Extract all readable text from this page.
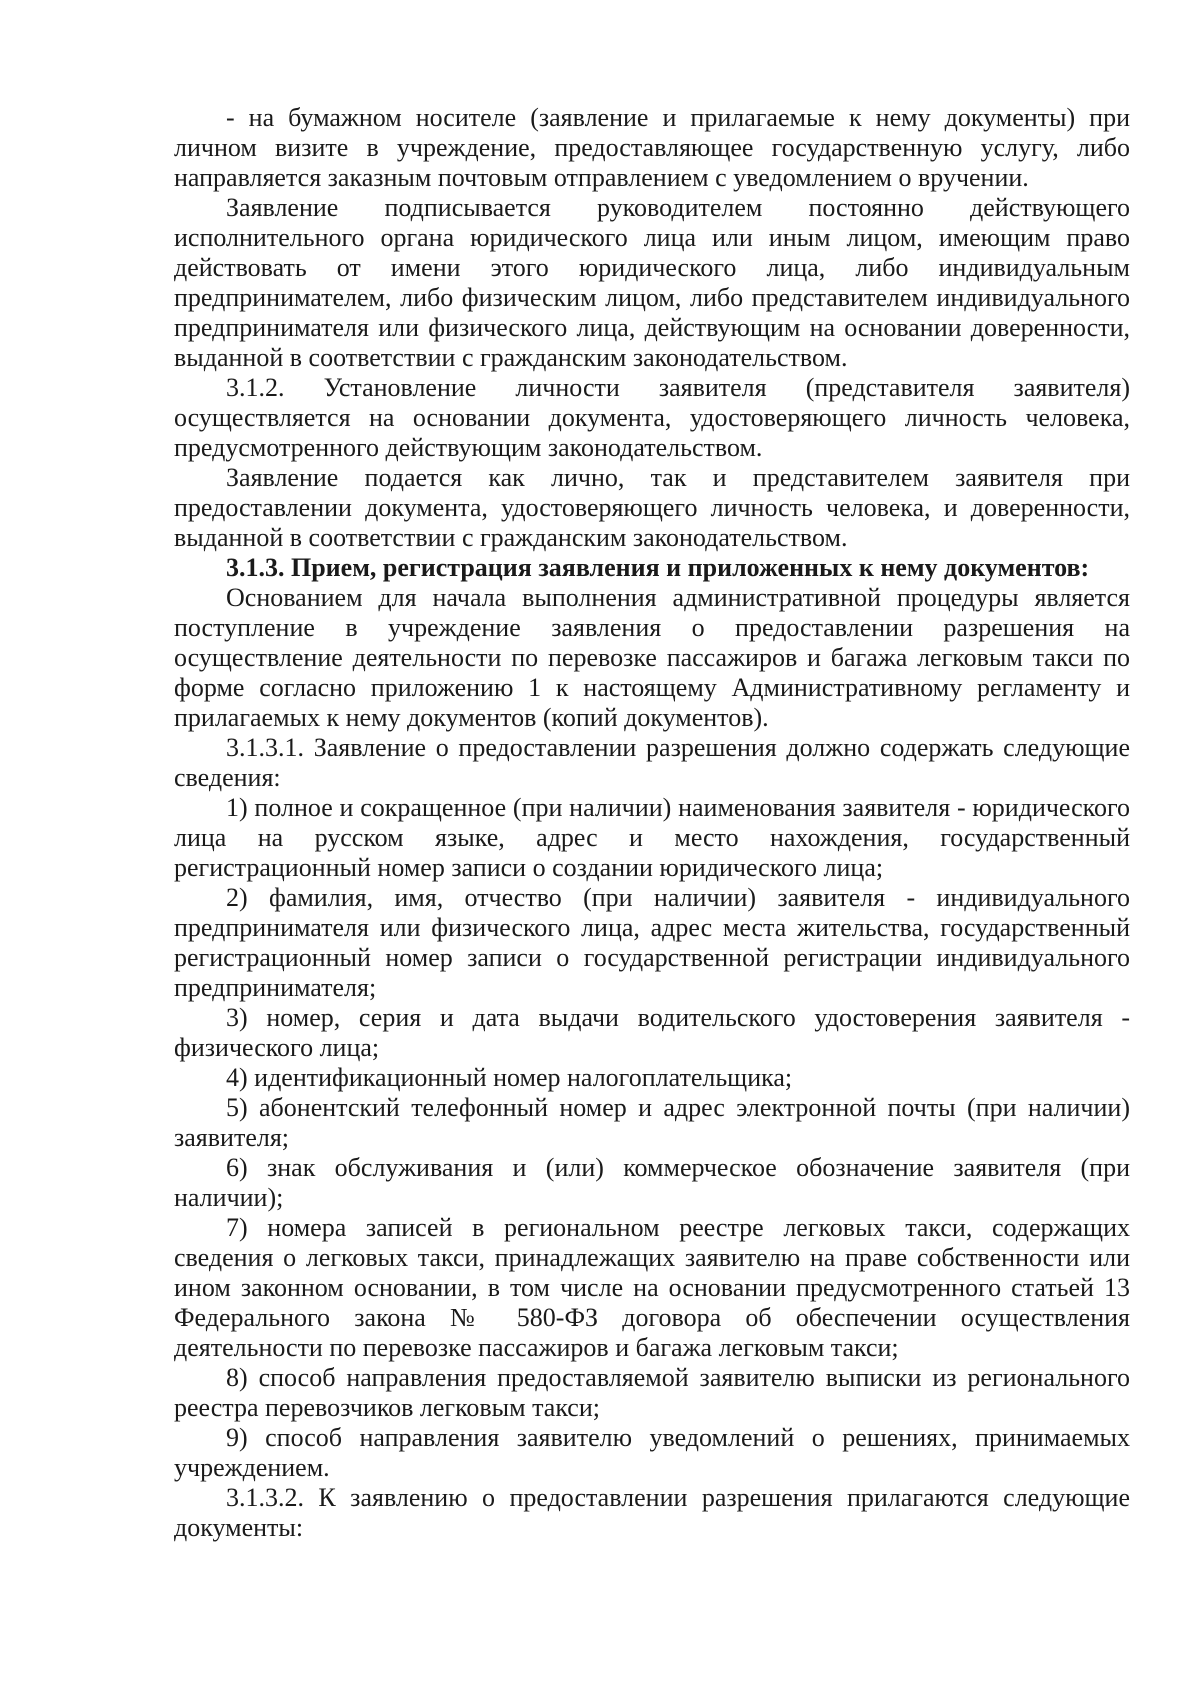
- на бумажном носителе (заявление и прилагаемые к нему документы) при личном визите в учреждение, предоставляющее государственную услугу, либо направляется заказным почтовым отправлением с уведомлением о вручении.

Заявление подписывается руководителем постоянно действующего исполнительного органа юридического лица или иным лицом, имеющим право действовать от имени этого юридического лица, либо индивидуальным предпринимателем, либо физическим лицом, либо представителем индивидуального предпринимателя или физического лица, действующим на основании доверенности, выданной в соответствии с гражданским законодательством.

3.1.2. Установление личности заявителя (представителя заявителя) осуществляется на основании документа, удостоверяющего личность человека, предусмотренного действующим законодательством.

Заявление подается как лично, так и представителем заявителя при предоставлении документа, удостоверяющего личность человека, и доверенности, выданной в соответствии с гражданским законодательством.

3.1.3. Прием, регистрация заявления и приложенных к нему документов:

Основанием для начала выполнения административной процедуры является поступление в учреждение заявления о предоставлении разрешения на осуществление деятельности по перевозке пассажиров и багажа легковым такси по форме согласно приложению 1 к настоящему Административному регламенту и прилагаемых к нему документов (копий документов).

3.1.3.1. Заявление о предоставлении разрешения должно содержать следующие сведения:

1) полное и сокращенное (при наличии) наименования заявителя - юридического лица на русском языке, адрес и место нахождения, государственный регистрационный номер записи о создании юридического лица;

2) фамилия, имя, отчество (при наличии) заявителя - индивидуального предпринимателя или физического лица, адрес места жительства, государственный регистрационный номер записи о государственной регистрации индивидуального предпринимателя;

3) номер, серия и дата выдачи водительского удостоверения заявителя - физического лица;

4) идентификационный номер налогоплательщика;

5) абонентский телефонный номер и адрес электронной почты (при наличии) заявителя;

6) знак обслуживания и (или) коммерческое обозначение заявителя (при наличии);

7) номера записей в региональном реестре легковых такси, содержащих сведения о легковых такси, принадлежащих заявителю на праве собственности или ином законном основании, в том числе на основании предусмотренного статьей 13 Федерального закона № 580-ФЗ договора об обеспечении осуществления деятельности по перевозке пассажиров и багажа легковым такси;

8) способ направления предоставляемой заявителю выписки из регионального реестра перевозчиков легковым такси;

9) способ направления заявителю уведомлений о решениях, принимаемых учреждением.

3.1.3.2. К заявлению о предоставлении разрешения прилагаются следующие документы:
